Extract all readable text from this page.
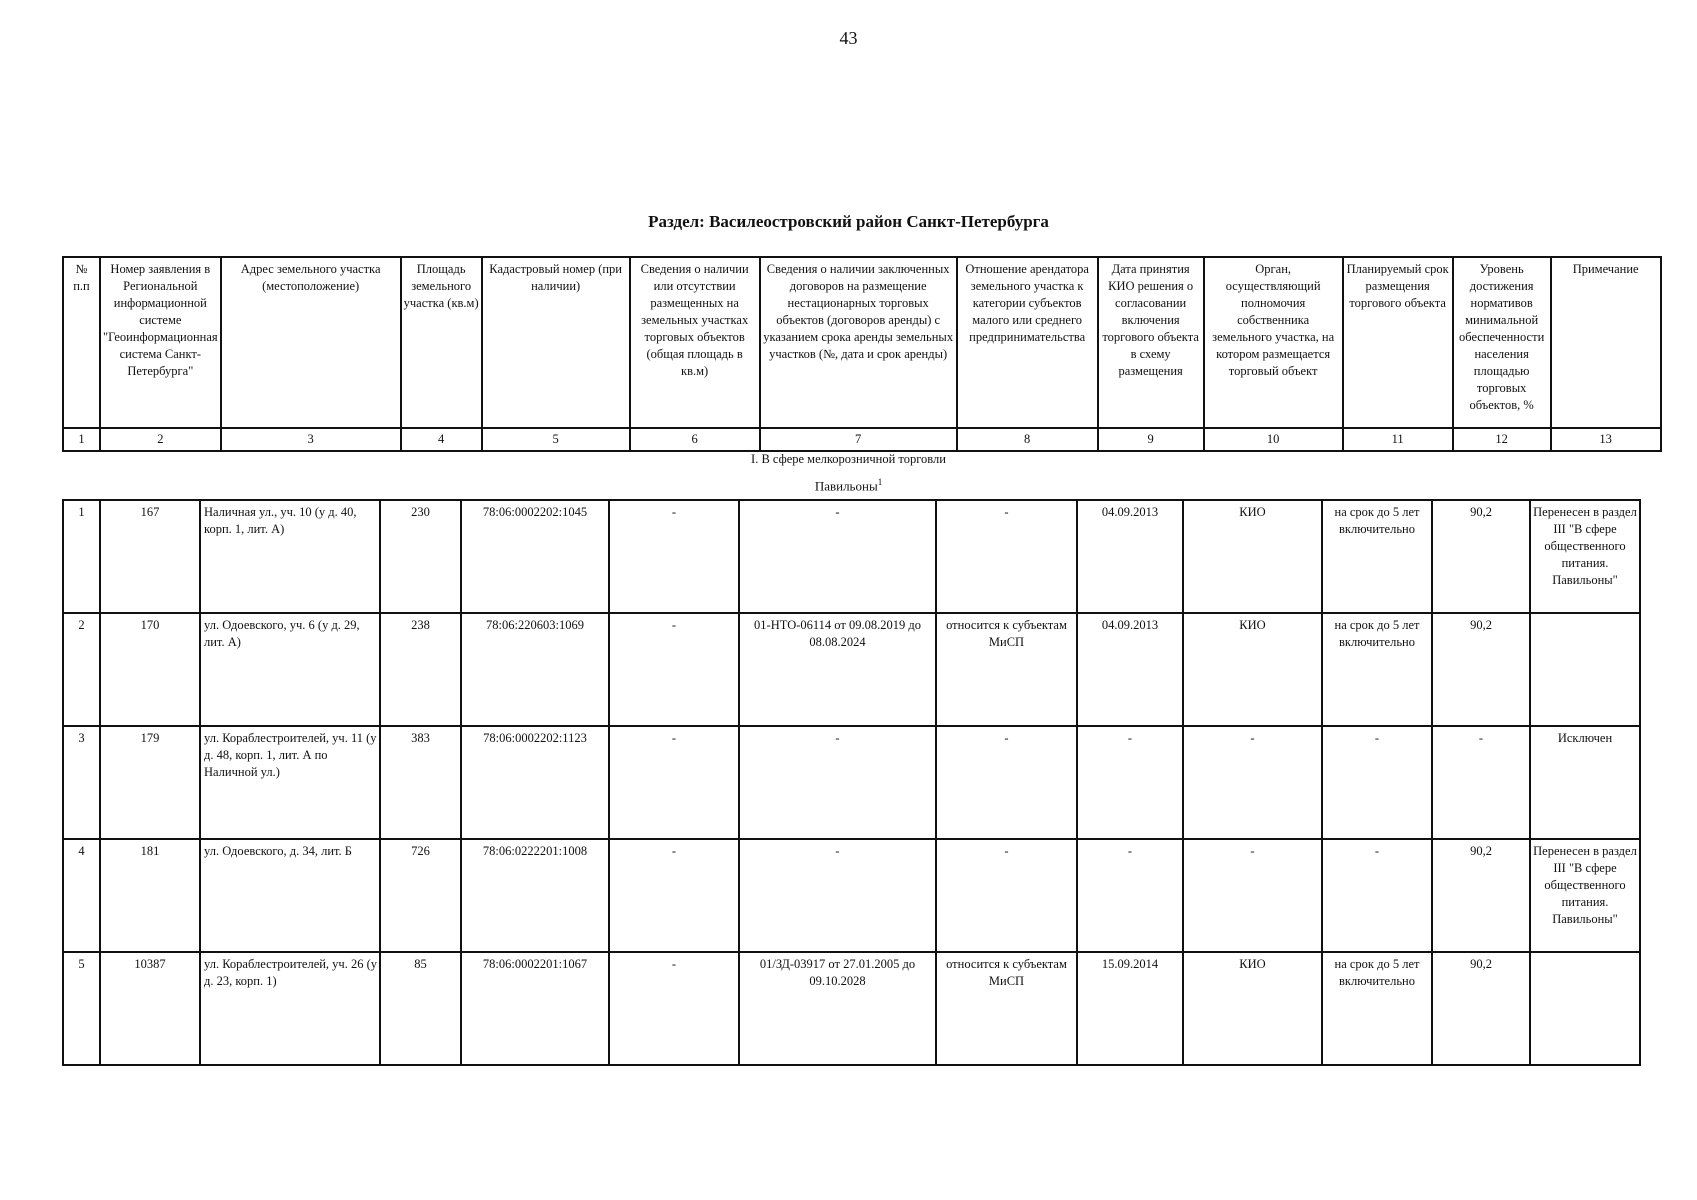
43
Раздел: Василеостровский район Санкт-Петербурга
№ п.п	Номер заявления в Региональной информационной системе "Геоинформационная система Санкт-Петербурга"	Адрес земельного участка (местоположение)	Площадь земельного участка (кв.м)	Кадастровый номер (при наличии)	Сведения о наличии или отсутствии размещенных на земельных участках торговых объектов (общая площадь в кв.м)	Сведения о наличии заключенных договоров на размещение нестационарных торговых объектов (договоров аренды) с указанием срока аренды земельных участков (№, дата и срок аренды)	Отношение арендатора земельного участка к категории субъектов малого или среднего предпринимательства	Дата принятия КИО решения о согласовании включения торгового объекта в схему размещения	Орган, осуществляющий полномочия собственника земельного участка, на котором размещается торговый объект	Планируемый срок размещения торгового объекта	Уровень достижения нормативов минимальной обеспеченности населения площадью торговых объектов, %	Примечание
1	2	3	4	5	6	7	8	9	10	11	12	13
I. В сфере мелкорозничной торговли
Павильоны$^1$
1	167	Наличная ул., уч. 10 (у д. 40, корп. 1, лит. А)	230	78:06:0002202:1045	-	-	-	04.09.2013	КИО	на срок до 5 лет включительно	90,2	Перенесен в раздел III "В сфере общественного питания. Павильоны"
2	170	ул. Одоевского, уч. 6 (у д. 29, лит. А)	238	78:06:220603:1069	-	01-НТО-06114 от 09.08.2019 до 08.08.2024	относится к субъектам МиСП	04.09.2013	КИО	на срок до 5 лет включительно	90,2	
3	179	ул. Кораблестроителей, уч. 11 (у д. 48, корп. 1, лит. А по Наличной ул.)	383	78:06:0002202:1123	-	-	-	-	-	-	-	Исключен
4	181	ул. Одоевского, д. 34, лит. Б	726	78:06:0222201:1008	-	-	-	-	-	-	90,2	Перенесен в раздел III "В сфере общественного питания. Павильоны"
5	10387	ул. Кораблестроителей, уч. 26 (у д. 23, корп. 1)	85	78:06:0002201:1067	-	01/ЗД-03917 от 27.01.2005 до 09.10.2028	относится к субъектам МиСП	15.09.2014	КИО	на срок до 5 лет включительно	90,2	
